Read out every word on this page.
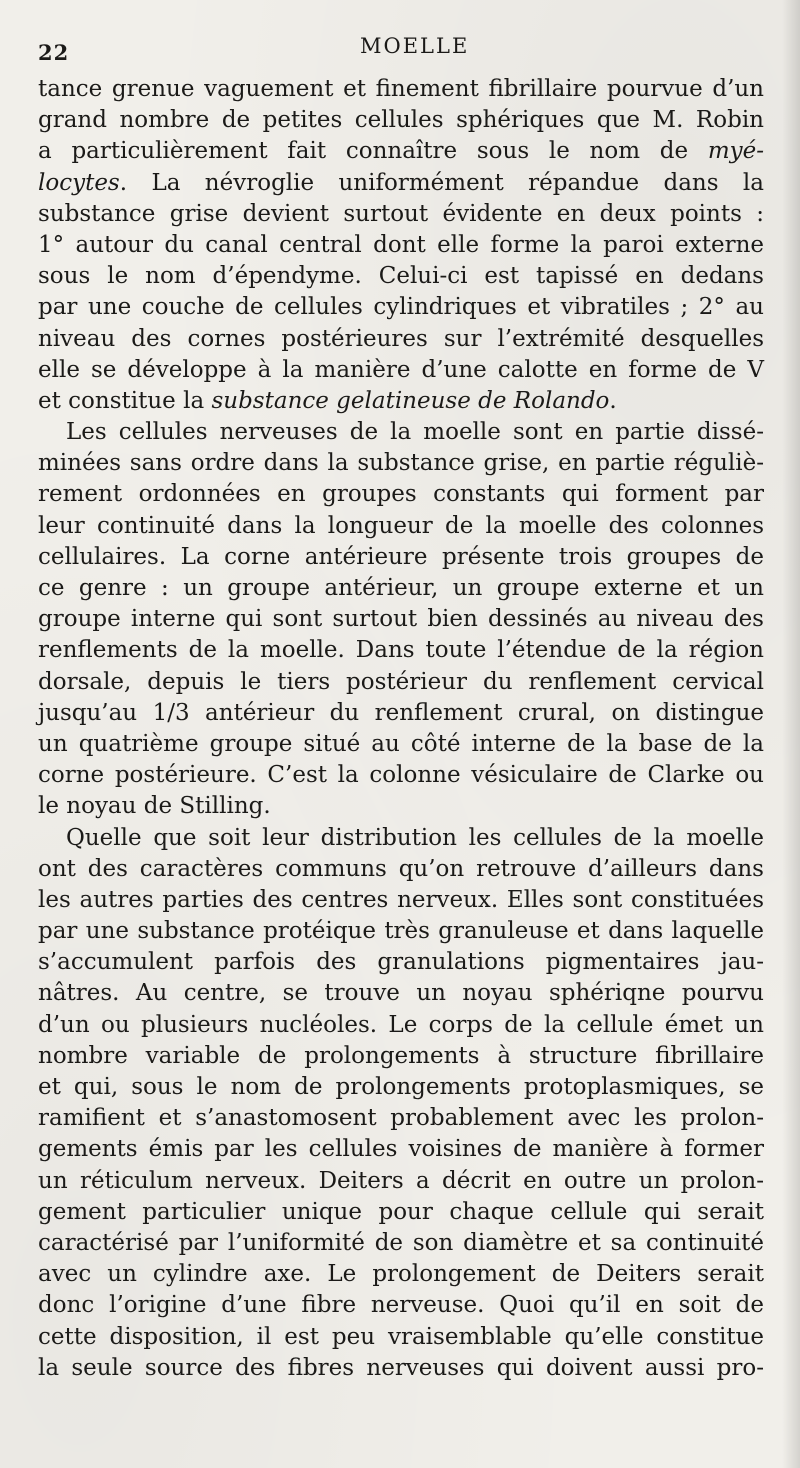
22	MOELLE
tance grenue vaguement et finement fibrillaire pourvue d’un
grand nombre de petites cellules sphériques que M. Robin
a particulièrement fait connaître sous le nom de myé-
locytes. La névroglie uniformément répandue dans la
substance grise devient surtout évidente en deux points :
1° autour du canal central dont elle forme la paroi externe
sous le nom d’épendyme. Celui-ci est tapissé en dedans
par une couche de cellules cylindriques et vibratiles ; 2° au
niveau des cornes postérieures sur l’extrémité desquelles
elle se développe à la manière d’une calotte en forme de V
et constitue la substance gelatineuse de Rolando.
Les cellules nerveuses de la moelle sont en partie dissé-
minées sans ordre dans la substance grise, en partie réguliè-
rement ordonnées en groupes constants qui forment par
leur continuité dans la longueur de la moelle des colonnes
cellulaires. La corne antérieure présente trois groupes de
ce genre : un groupe antérieur, un groupe externe et un
groupe interne qui sont surtout bien dessinés au niveau des
renflements de la moelle. Dans toute l’étendue de la région
dorsale, depuis le tiers postérieur du renflement cervical
jusqu’au 1/3 antérieur du renflement crural, on distingue
un quatrième groupe situé au côté interne de la base de la
corne postérieure. C’est la colonne vésiculaire de Clarke ou
le noyau de Stilling.
Quelle que soit leur distribution les cellules de la moelle
ont des caractères communs qu’on retrouve d’ailleurs dans
les autres parties des centres nerveux. Elles sont constituées
par une substance protéique très granuleuse et dans laquelle
s’accumulent parfois des granulations pigmentaires jau-
nâtres. Au centre, se trouve un noyau sphériqne pourvu
d’un ou plusieurs nucléoles. Le corps de la cellule émet un
nombre variable de prolongements à structure fibrillaire
et qui, sous le nom de prolongements protoplasmiques, se
ramifient et s’anastomosent probablement avec les prolon-
gements émis par les cellules voisines de manière à former
un réticulum nerveux. Deiters a décrit en outre un prolon-
gement particulier unique pour chaque cellule qui serait
caractérisé par l’uniformité de son diamètre et sa continuité
avec un cylindre axe. Le prolongement de Deiters serait
donc l’origine d’une fibre nerveuse. Quoi qu’il en soit de
cette disposition, il est peu vraisemblable qu’elle constitue
la seule source des fibres nerveuses qui doivent aussi pro-
